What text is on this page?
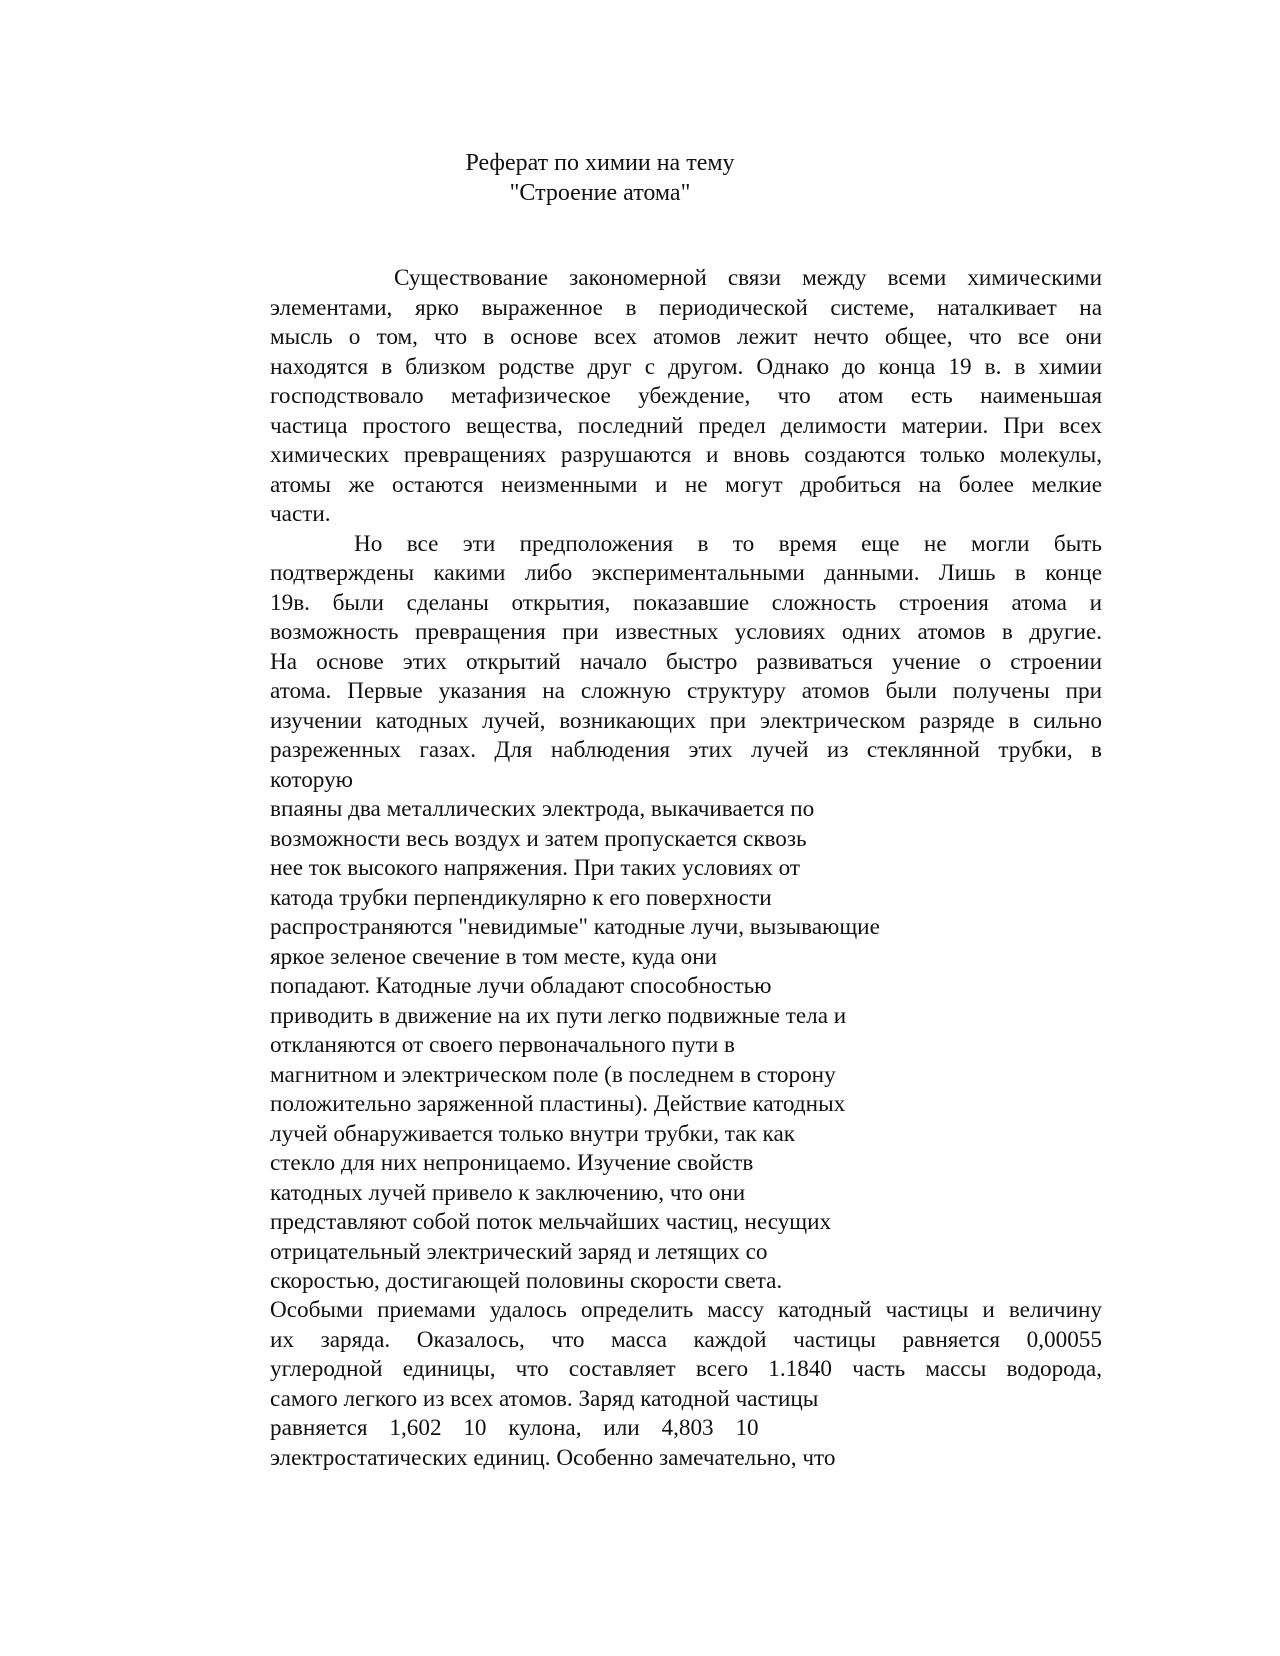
Реферат по химии на тему
"Строение атома"
Существование закономерной связи между всеми химическими
элементами, ярко выраженное в периодической системе, наталкивает на
мысль о том, что в основе всех атомов лежит нечто общее, что все они
находятся в близком родстве друг с другом. Однако до конца 19 в. в химии
господствовало метафизическое убеждение, что атом есть наименьшая
частица простого вещества, последний предел делимости материи. При всех
химических превращениях разрушаются и вновь создаются только молекулы,
атомы же остаются неизменными и не могут дробиться на более мелкие
части.
Но все эти предположения в то время еще не могли быть
подтверждены какими либо экспериментальными данными. Лишь в конце
19в. были сделаны открытия, показавшие сложность строения атома и
возможность превращения при известных условиях одних атомов в другие.
На основе этих открытий начало быстро развиваться учение о строении
атома. Первые указания на сложную структуру атомов были получены при
изучении катодных лучей, возникающих при электрическом разряде в сильно
разреженных газах. Для наблюдения этих лучей из стеклянной трубки, в
которую
впаяны два металлических электрода, выкачивается по
возможности весь воздух и затем пропускается сквозь
нее ток высокого напряжения. При таких условиях от
катода трубки перпендикулярно к его поверхности
распространяются "невидимые" катодные лучи, вызывающие
яркое зеленое свечение в том месте, куда они
попадают. Катодные лучи обладают способностью
приводить в движение на их пути легко подвижные тела и
откланяются от своего первоначального пути в
магнитном и электрическом поле (в последнем в сторону
положительно заряженной пластины). Действие катодных
лучей обнаруживается только внутри трубки, так как
стекло для них непроницаемо. Изучение свойств
катодных лучей привело к заключению, что они
представляют собой поток мельчайших частиц, несущих
отрицательный электрический заряд и летящих со
скоростью, достигающей половины скорости света.
Особыми приемами удалось определить массу катодный частицы и величину
их заряда. Оказалось, что масса каждой частицы равняется 0,00055
углеродной единицы, что составляет всего 1.1840 часть массы водорода,
самого легкого из всех атомов. Заряд катодной частицы
равняется 1,602 10 кулона, или 4,803 10
электростатических единиц. Особенно замечательно, что
